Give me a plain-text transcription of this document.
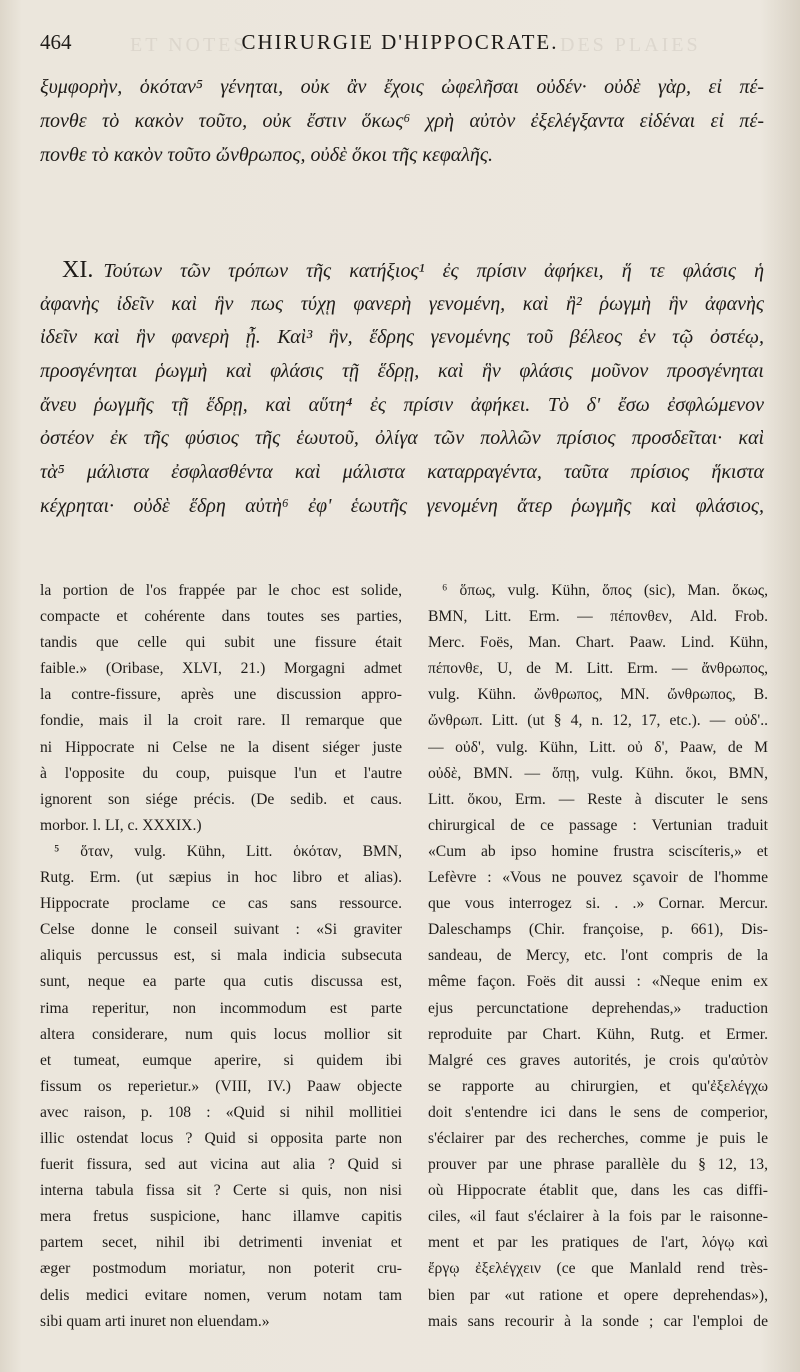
ET NOTES	DES PLAIES
464	CHIRURGIE D'HIPPOCRATE.
ξυμφορὴν, ὁκόταν⁵ γένηται, οὐκ ἂν ἔχοις ὠφελῆσαι οὐδέν· οὐδὲ γὰρ, εἰ πέ-
πονθε τὸ κακὸν τοῦτο, οὐκ ἔστιν ὅκως⁶ χρὴ αὐτὸν ἐξελέγξαντα εἰδέναι εἰ πέ-
πονθε τὸ κακὸν τοῦτο ὤνθρωπος, οὐδὲ ὅκοι τῆς κεφαλῆς.
XI. Τούτων τῶν τρόπων τῆς κατήξιος¹ ἐς πρίσιν ἀφήκει, ἥ τε φλάσις ἡ
ἀφανὴς ἰδεῖν καὶ ἣν πως τύχῃ φανερὴ γενομένη, καὶ ἢ² ῥωγμὴ ἣν ἀφανὴς
ἰδεῖν καὶ ἣν φανερὴ ᾖ. Καὶ³ ἣν, ἕδρης γενομένης τοῦ βέλεος ἐν τῷ ὀστέῳ,
προσγένηται ῥωγμὴ καὶ φλάσις τῇ ἕδρῃ, καὶ ἣν φλάσις μοῦνον προσγένηται
ἄνευ ῥωγμῆς τῇ ἕδρῃ, καὶ αὕτη⁴ ἐς πρίσιν ἀφήκει. Τὸ δ' ἔσω ἐσφλώμενον
ὀστέον ἐκ τῆς φύσιος τῆς ἑωυτοῦ, ὀλίγα τῶν πολλῶν πρίσιος προσδεῖται· καὶ
τὰ⁵ μάλιστα ἐσφλασθέντα καὶ μάλιστα καταρραγέντα, ταῦτα πρίσιος ἥκιστα
κέχρηται· οὐδὲ ἕδρη αὐτὴ⁶ ἐφ' ἑωυτῆς γενομένη ἄτερ ῥωγμῆς καὶ φλάσιος,
la portion de l'os frappée par le choc est solide,
compacte et cohérente dans toutes ses parties,
tandis que celle qui subit une fissure était
faible.» (Oribase, XLVI, 21.) Morgagni admet
la contre-fissure, après une discussion appro-
fondie, mais il la croit rare. Il remarque que
ni Hippocrate ni Celse ne la disent siéger juste
à l'opposite du coup, puisque l'un et l'autre
ignorent son siége précis. (De sedib. et caus.
morbor. l. LI, c. XXXIX.)
⁵ ὅταν, vulg. Kühn, Litt. ὁκόταν, BMN,
Rutg. Erm. (ut sæpius in hoc libro et alias).
Hippocrate proclame ce cas sans ressource.
Celse donne le conseil suivant : «Si graviter
aliquis percussus est, si mala indicia subsecuta
sunt, neque ea parte qua cutis discussa est,
rima reperitur, non incommodum est parte
altera considerare, num quis locus mollior sit
et tumeat, eumque aperire, si quidem ibi
fissum os reperietur.» (VIII, IV.) Paaw objecte
avec raison, p. 108 : «Quid si nihil mollitiei
illic ostendat locus ? Quid si opposita parte non
fuerit fissura, sed aut vicina aut alia ? Quid si
interna tabula fissa sit ? Certe si quis, non nisi
mera fretus suspicione, hanc illamve capitis
partem secet, nihil ibi detrimenti inveniat et
æger postmodum moriatur, non poterit cru-
delis medici evitare nomen, verum notam tam
sibi quam arti inuret non eluendam.»
⁶ ὅπως, vulg. Kühn, ὅπος (sic), Man. ὅκως,
BMN, Litt. Erm. — πέπονθεν, Ald. Frob.
Merc. Foës, Man. Chart. Paaw. Lind. Kühn,
πέπονθε, U, de M. Litt. Erm. — ἄνθρωπος,
vulg. Kühn. ὤνθρωπος, MN. ὤνθρωπος, B.
ὤνθρωπ. Litt. (ut § 4, n. 12, 17, etc.). — οὐδ'..
— οὐδ', vulg. Kühn, Litt. οὐ δ', Paaw, de M
οὐδὲ, BMN. — ὅπῃ, vulg. Kühn. ὅκοι, BMN,
Litt. ὅκου, Erm. — Reste à discuter le sens
chirurgical de ce passage : Vertunian traduit
«Cum ab ipso homine frustra sciscíteris,» et
Lefèvre : «Vous ne pouvez sçavoir de l'homme
que vous interrogez si. . .» Cornar. Mercur.
Daleschamps (Chir. françoise, p. 661), Dis-
sandeau, de Mercy, etc. l'ont compris de la
même façon. Foës dit aussi : «Neque enim ex
ejus percunctatione deprehendas,» traduction
reproduite par Chart. Kühn, Rutg. et Ermer.
Malgré ces graves autorités, je crois qu'αὐτὸν
se rapporte au chirurgien, et qu'ἐξελέγχω
doit s'entendre ici dans le sens de comperior,
s'éclairer par des recherches, comme je puis le
prouver par une phrase parallèle du § 12, 13,
où Hippocrate établit que, dans les cas diffi-
ciles, «il faut s'éclairer à la fois par le raisonne-
ment et par les pratiques de l'art, λόγῳ καὶ
ἔργῳ ἐξελέγχειν (ce que Manlald rend très-
bien par «ut ratione et opere deprehendas»),
mais sans recourir à la sonde ; car l'emploi de
